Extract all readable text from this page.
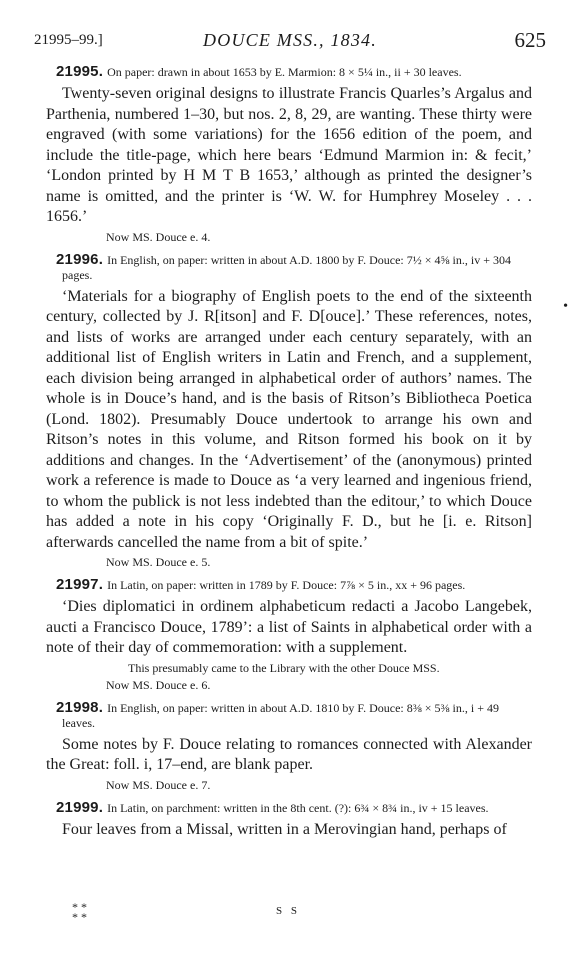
21995–99.]	DOUCE MSS., 1834.	625
21995. On paper: drawn in about 1653 by E. Marmion: 8 × 5¼ in., ii + 30 leaves.
Twenty-seven original designs to illustrate Francis Quarles’s Argalus and Parthenia, numbered 1–30, but nos. 2, 8, 29, are wanting. These thirty were engraved (with some variations) for the 1656 edition of the poem, and include the title-page, which here bears ‘Edmund Marmion in: & fecit,’ ‘London printed by H M T B 1653,’ although as printed the designer’s name is omitted, and the printer is ‘W. W. for Humphrey Moseley . . . 1656.’
Now MS. Douce e. 4.
21996. In English, on paper: written in about A.D. 1800 by F. Douce: 7½ × 4⅝ in., iv + 304 pages.
‘Materials for a biography of English poets to the end of the sixteenth century, collected by J. R[itson] and F. D[ouce].’ These references, notes, and lists of works are arranged under each century separately, with an additional list of English writers in Latin and French, and a supplement, each division being arranged in alphabetical order of authors’ names. The whole is in Douce’s hand, and is the basis of Ritson’s Bibliotheca Poetica (Lond. 1802). Presumably Douce undertook to arrange his own and Ritson’s notes in this volume, and Ritson formed his book on it by additions and changes. In the ‘Advertisement’ of the (anonymous) printed work a reference is made to Douce as ‘a very learned and ingenious friend, to whom the publick is not less indebted than the editour,’ to which Douce has added a note in his copy ‘Originally F. D., but he [i. e. Ritson] afterwards cancelled the name from a bit of spite.’
Now MS. Douce e. 5.
21997. In Latin, on paper: written in 1789 by F. Douce: 7⅞ × 5 in., xx + 96 pages.
‘Dies diplomatici in ordinem alphabeticum redacti a Jacobo Langebek, aucti a Francisco Douce, 1789’: a list of Saints in alphabetical order with a note of their day of commemoration: with a supplement.
This presumably came to the Library with the other Douce MSS.
Now MS. Douce e. 6.
21998. In English, on paper: written in about A.D. 1810 by F. Douce: 8⅜ × 5⅜ in., i + 49 leaves.
Some notes by F. Douce relating to romances connected with Alexander the Great: foll. i, 17–end, are blank paper.
Now MS. Douce e. 7.
21999. In Latin, on parchment: written in the 8th cent. (?): 6¾ × 8¾ in., iv + 15 leaves.
Four leaves from a Missal, written in a Merovingian hand, perhaps of
•
* *
* *	S S
